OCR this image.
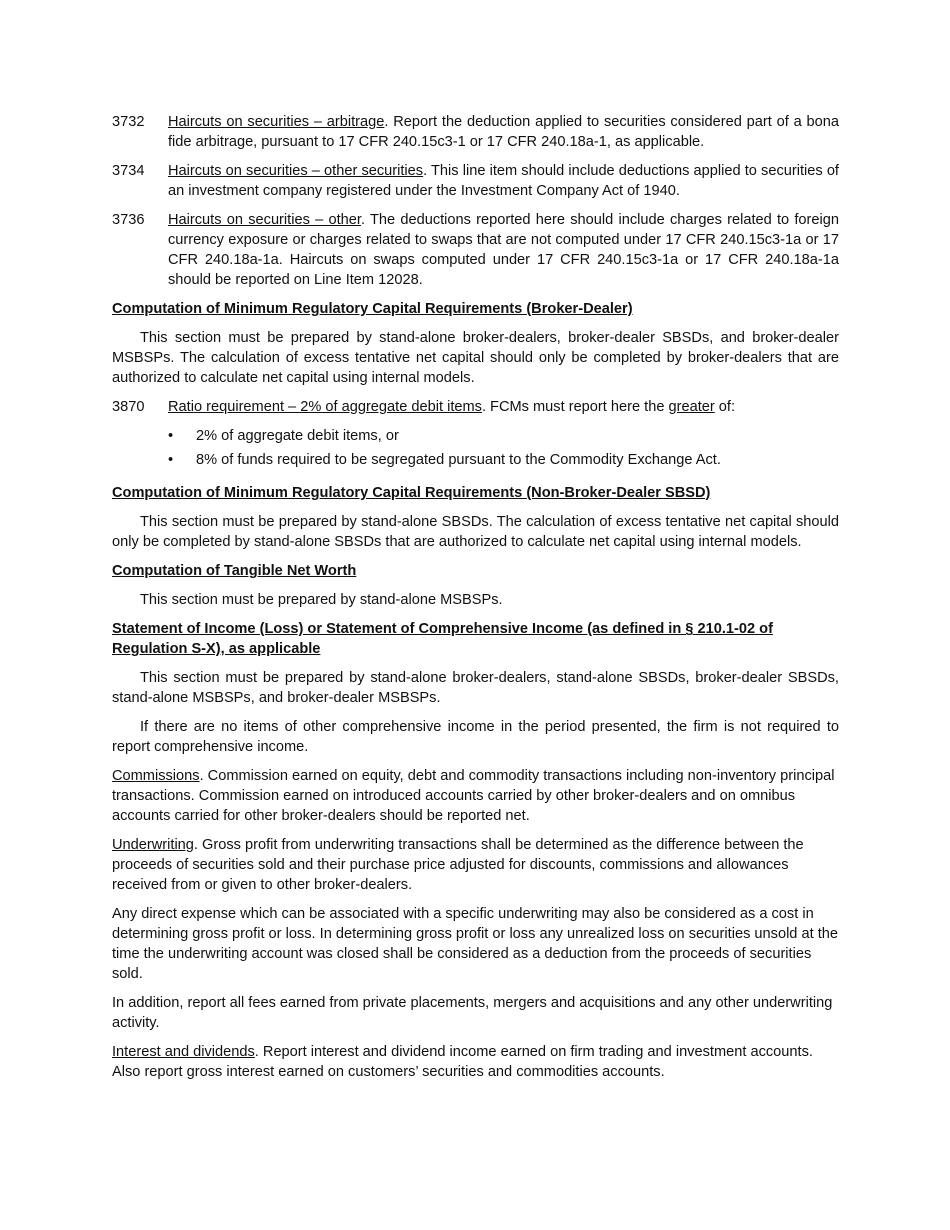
3732	Haircuts on securities – arbitrage. Report the deduction applied to securities considered part of a bona fide arbitrage, pursuant to 17 CFR 240.15c3-1 or 17 CFR 240.18a-1, as applicable.
3734	Haircuts on securities – other securities. This line item should include deductions applied to securities of an investment company registered under the Investment Company Act of 1940.
3736	Haircuts on securities – other. The deductions reported here should include charges related to foreign currency exposure or charges related to swaps that are not computed under 17 CFR 240.15c3-1a or 17 CFR 240.18a-1a. Haircuts on swaps computed under 17 CFR 240.15c3-1a or 17 CFR 240.18a-1a should be reported on Line Item 12028.
Computation of Minimum Regulatory Capital Requirements (Broker-Dealer)

This section must be prepared by stand-alone broker-dealers, broker-dealer SBSDs, and broker-dealer MSBSPs. The calculation of excess tentative net capital should only be completed by broker-dealers that are authorized to calculate net capital using internal models.

3870	Ratio requirement – 2% of aggregate debit items. FCMs must report here the greater of:
•	2% of aggregate debit items, or
•	8% of funds required to be segregated pursuant to the Commodity Exchange Act.
Computation of Minimum Regulatory Capital Requirements (Non-Broker-Dealer SBSD)

This section must be prepared by stand-alone SBSDs. The calculation of excess tentative net capital should only be completed by stand-alone SBSDs that are authorized to calculate net capital using internal models.

Computation of Tangible Net Worth

This section must be prepared by stand-alone MSBSPs.

Statement of Income (Loss) or Statement of Comprehensive Income (as defined in § 210.1-02 of Regulation S-X), as applicable

This section must be prepared by stand-alone broker-dealers, stand-alone SBSDs, broker-dealer SBSDs, stand-alone MSBSPs, and broker-dealer MSBSPs.

If there are no items of other comprehensive income in the period presented, the firm is not required to report comprehensive income.

Commissions. Commission earned on equity, debt and commodity transactions including non-inventory principal transactions. Commission earned on introduced accounts carried by other broker-dealers and on omnibus accounts carried for other broker-dealers should be reported net.

Underwriting. Gross profit from underwriting transactions shall be determined as the difference between the proceeds of securities sold and their purchase price adjusted for discounts, commissions and allowances received from or given to other broker-dealers.

Any direct expense which can be associated with a specific underwriting may also be considered as a cost in determining gross profit or loss. In determining gross profit or loss any unrealized loss on securities unsold at the time the underwriting account was closed shall be considered as a deduction from the proceeds of securities sold.

In addition, report all fees earned from private placements, mergers and acquisitions and any other underwriting activity.

Interest and dividends. Report interest and dividend income earned on firm trading and investment accounts. Also report gross interest earned on customers’ securities and commodities accounts.
